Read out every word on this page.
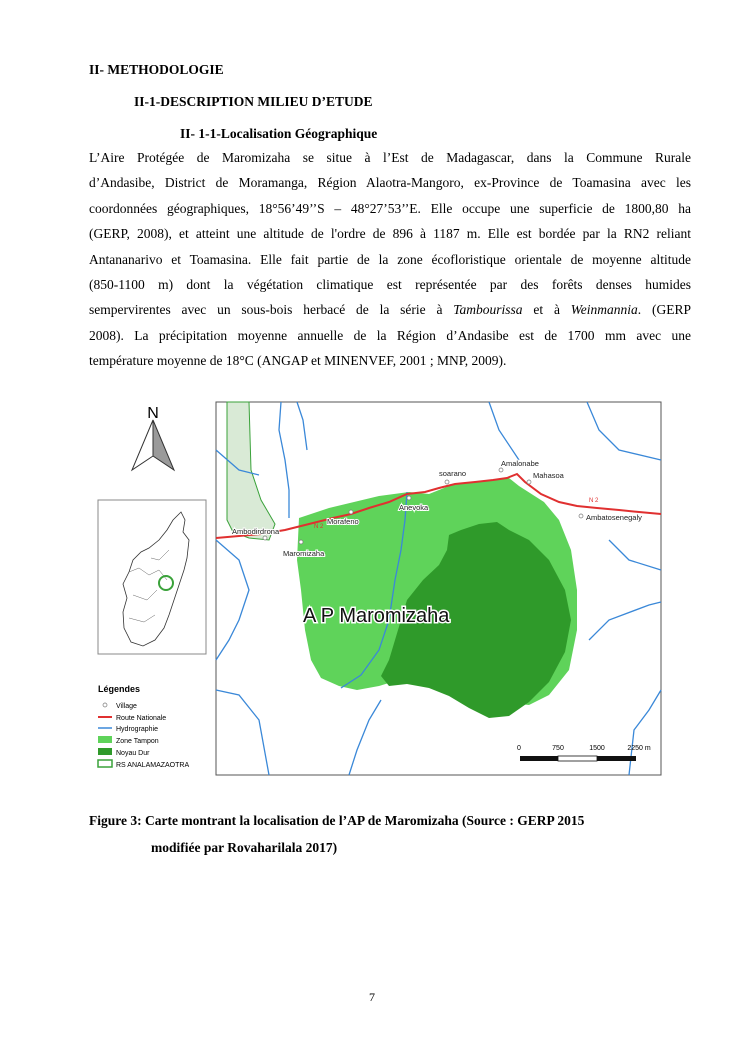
II- METHODOLOGIE
II-1-DESCRIPTION MILIEU D’ETUDE
II- 1-1-Localisation Géographique
L’Aire Protégée de Maromizaha se situe à l’Est de Madagascar, dans la Commune Rurale
d’Andasibe, District de Moramanga, Région Alaotra-Mangoro, ex-Province de Toamasina avec les
coordonnées géographiques, 18°56’49’’S – 48°27’53’’E. Elle occupe une superficie de 1800,80 ha
(GERP, 2008), et atteint une altitude de l'ordre de 896 à 1187 m. Elle est bordée par la RN2 reliant
Antananarivo et Toamasina. Elle fait partie de la zone écofloristique orientale de moyenne altitude
(850-1100 m) dont la végétation climatique est représentée par des forêts denses humides
sempervirentes avec un sous-bois herbacé de la série à Tambourissa et à Weinmannia. (GERP
2008). La précipitation moyenne annuelle de la Région d’Andasibe est de 1700 mm avec une
température moyenne de 18°C (ANGAP et MINENVEF, 2001 ; MNP, 2009).
N
N 2
N 2
Ambodirdrona
Maromizaha
Morafeno
Anevoka
soarano
Amalonabe
Mahasoa
Ambatosenegaly
A P Maromizaha
0	750	1500	2250 m
Légendes
Village
Route Nationale
Hydrographie
Zone Tampon
Noyau Dur
RS ANALAMAZAOTRA
Figure 3: Carte montrant la localisation de l’AP de Maromizaha (Source : GERP 2015
modifiée par Rovaharilala 2017)
7
